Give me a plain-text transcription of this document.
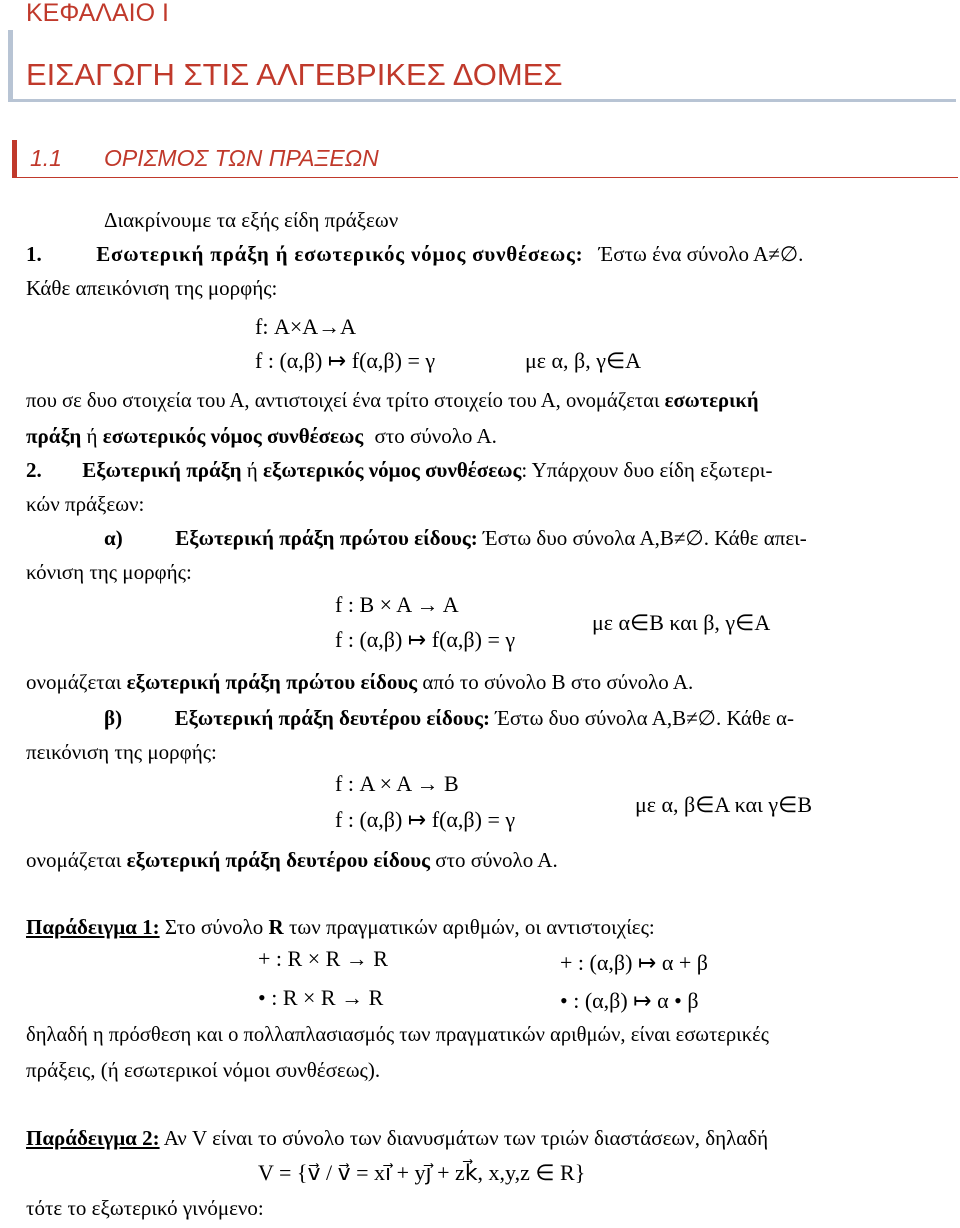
ΚΕΦΑΛΑΙΟ Ι
ΕΙΣΑΓΩΓΗ ΣΤΙΣ ΑΛΓΕΒΡΙΚΕΣ ΔΟΜΕΣ
1.1 ΟΡΙΣΜΟΣ ΤΩΝ ΠΡΑΞΕΩΝ
Διακρίνουμε τα εξής είδη πράξεων
1.	Εσωτερική πράξη ή εσωτερικός νόμος συνθέσεως: Έστω ένα σύνολο Α≠∅.
Κάθε απεικόνιση της μορφής:
f: Α×Α→Α
f : (α,β) ↦ f(α,β) = γ	με α, β, γ∈Α
που σε δυο στοιχεία του Α, αντιστοιχεί ένα τρίτο στοιχείο του Α, ονομάζεται εσωτερική
πράξη ή εσωτερικός νόμος συνθέσεως στο σύνολο Α.
2. Εξωτερική πράξη ή εξωτερικός νόμος συνθέσεως: Υπάρχουν δυο είδη εξωτερι-
κών πράξεων:
α)	Εξωτερική πράξη πρώτου είδους: Έστω δυο σύνολα Α,Β≠∅. Κάθε απει-
κόνιση της μορφής:
f : Β × Α → Α
με α∈Β και β, γ∈Α
f : (α,β) ↦ f(α,β) = γ
ονομάζεται εξωτερική πράξη πρώτου είδους από το σύνολο Β στο σύνολο Α.
β)	Εξωτερική πράξη δευτέρου είδους: Έστω δυο σύνολα Α,Β≠∅. Κάθε α-
πεικόνιση της μορφής:
f : Α × Α → Β
με α, β∈Α και γ∈Β
f : (α,β) ↦ f(α,β) = γ
ονομάζεται εξωτερική πράξη δευτέρου είδους στο σύνολο Α.
Παράδειγμα 1: Στο σύνολο R των πραγματικών αριθμών, οι αντιστοιχίες:
+ : R × R → R	+ : (α,β) ↦ α + β
• : R × R → R	• : (α,β) ↦ α • β
δηλαδή η πρόσθεση και ο πολλαπλασιασμός των πραγματικών αριθμών, είναι εσωτερικές
πράξεις, (ή εσωτερικοί νόμοι συνθέσεως).
Παράδειγμα 2: Αν V είναι το σύνολο των διανυσμάτων των τριών διαστάσεων, δηλαδή
V = {v⃗ / v⃗ = xi⃗ + yj⃗ + zk⃗, x,y,z ∈ R}
τότε το εξωτερικό γινόμενο:
